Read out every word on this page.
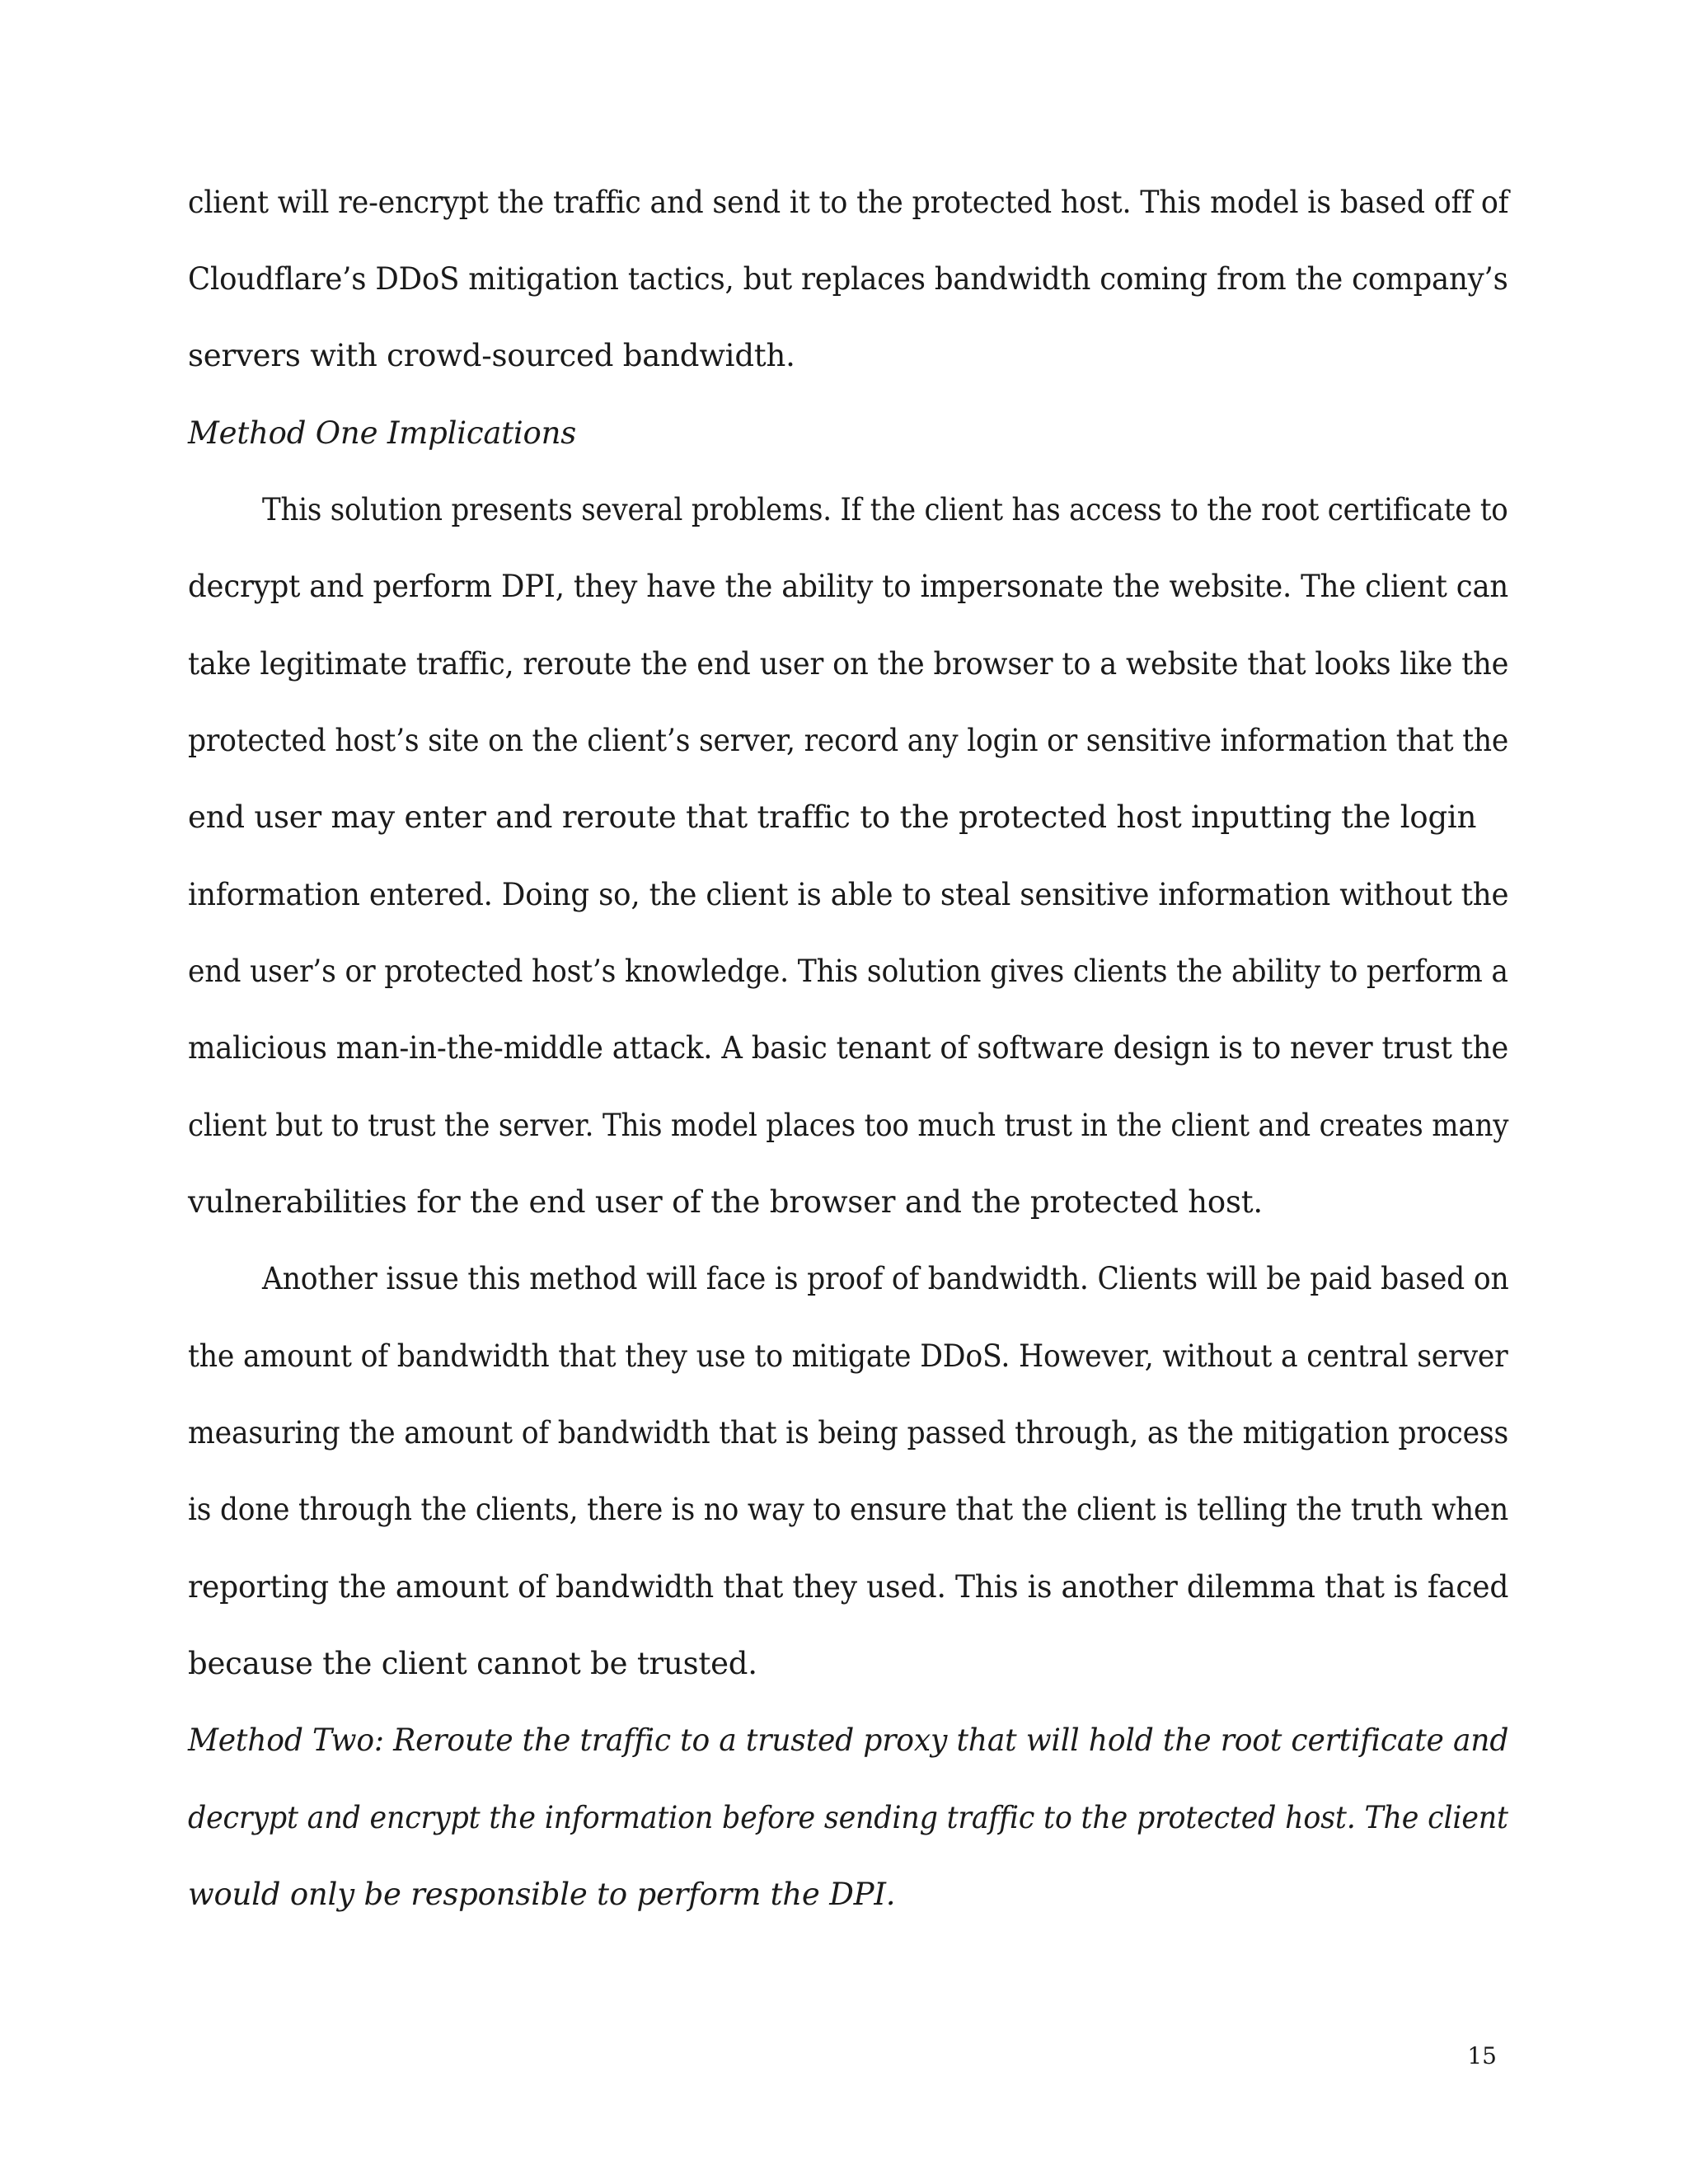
client will re-encrypt the traffic and send it to the protected host. This model is based off of
Cloudflare’s DDoS mitigation tactics, but replaces bandwidth coming from the company’s
servers with crowd-sourced bandwidth.
Method One Implications
This solution presents several problems. If the client has access to the root certificate to
decrypt and perform DPI, they have the ability to impersonate the website. The client can
take legitimate traffic, reroute the end user on the browser to a website that looks like the
protected host’s site on the client’s server, record any login or sensitive information that the
end user may enter and reroute that traffic to the protected host inputting the login
information entered. Doing so, the client is able to steal sensitive information without the
end user’s or protected host’s knowledge. This solution gives clients the ability to perform a
malicious man-in-the-middle attack. A basic tenant of software design is to never trust the
client but to trust the server. This model places too much trust in the client and creates many
vulnerabilities for the end user of the browser and the protected host.
Another issue this method will face is proof of bandwidth. Clients will be paid based on
the amount of bandwidth that they use to mitigate DDoS. However, without a central server
measuring the amount of bandwidth that is being passed through, as the mitigation process
is done through the clients, there is no way to ensure that the client is telling the truth when
reporting the amount of bandwidth that they used. This is another dilemma that is faced
because the client cannot be trusted.
Method Two: Reroute the traffic to a trusted proxy that will hold the root certificate and
decrypt and encrypt the information before sending traffic to the protected host. The client
would only be responsible to perform the DPI.
15
